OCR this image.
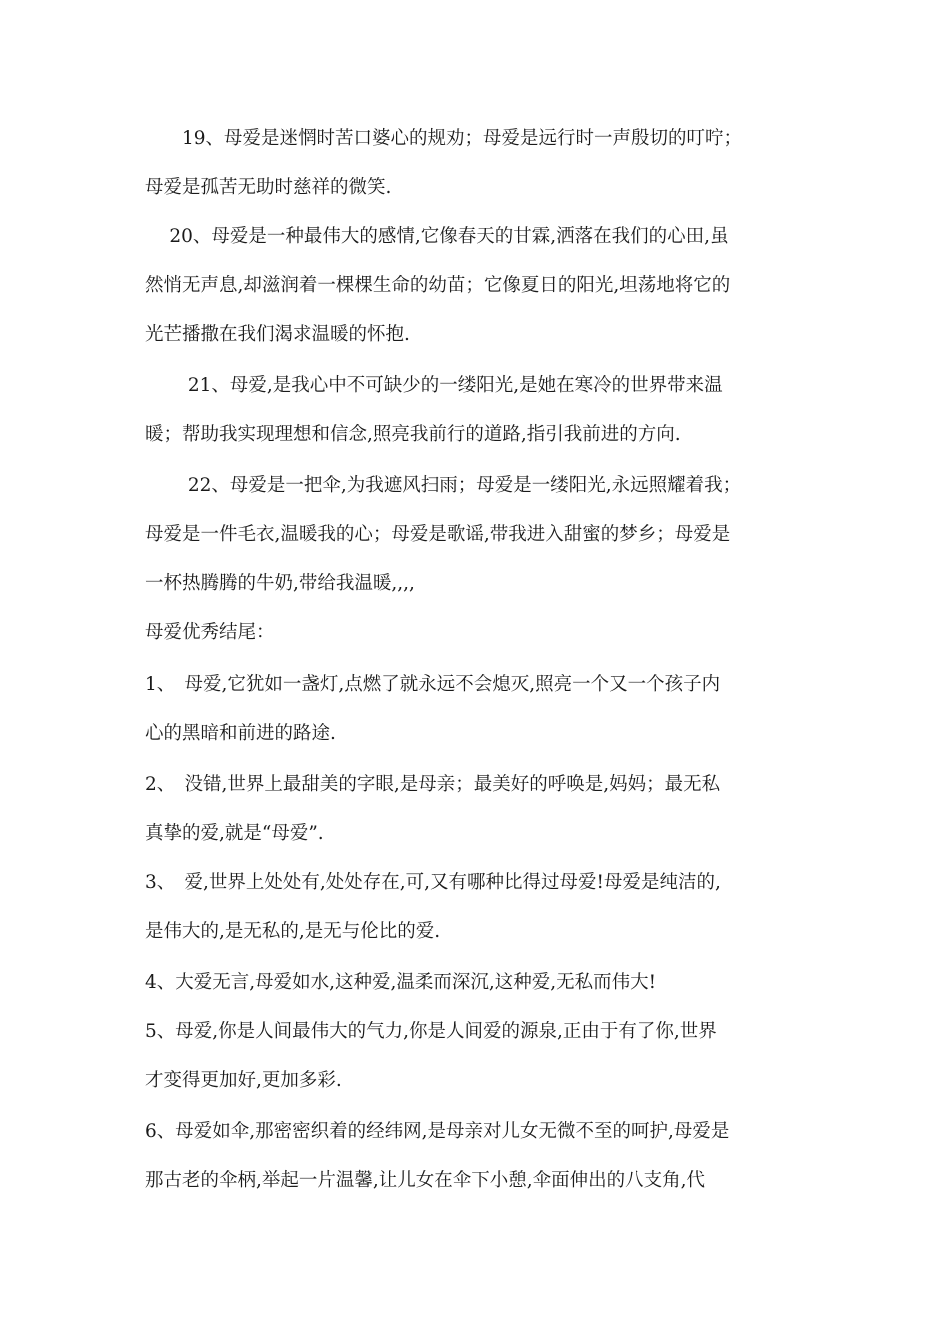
　　19、母爱是迷惘时苦口婆心的规劝；母爱是远行时一声殷切的叮咛；
母爱是孤苦无助时慈祥的微笑.
　 20、母爱是一种最伟大的感情,它像春天的甘霖,洒落在我们的心田,虽
然悄无声息,却滋润着一棵棵生命的幼苗；它像夏日的阳光,坦荡地将它的
光芒播撒在我们渴求温暖的怀抱.
　　 21、母爱,是我心中不可缺少的一缕阳光,是她在寒冷的世界带来温
暖；帮助我实现理想和信念,照亮我前行的道路,指引我前进的方向.
　　 22、母爱是一把伞,为我遮风扫雨；母爱是一缕阳光,永远照耀着我；
母爱是一件毛衣,温暖我的心；母爱是歌谣,带我进入甜蜜的梦乡；母爱是
一杯热腾腾的牛奶,带给我温暖,,,,
母爱优秀结尾：
1、　母爱,它犹如一盏灯,点燃了就永远不会熄灭,照亮一个又一个孩子内
心的黑暗和前进的路途.
2、　没错,世界上最甜美的字眼,是母亲；最美好的呼唤是,妈妈；最无私
真挚的爱,就是“母爱”.
3、　爱,世界上处处有,处处存在,可,又有哪种比得过母爱!母爱是纯洁的,
是伟大的,是无私的,是无与伦比的爱.
4、大爱无言,母爱如水,这种爱,温柔而深沉,这种爱,无私而伟大!
5、母爱,你是人间最伟大的气力,你是人间爱的源泉,正由于有了你,世界
才变得更加好,更加多彩.
6、母爱如伞,那密密织着的经纬网,是母亲对儿女无微不至的呵护,母爱是
那古老的伞柄,举起一片温馨,让儿女在伞下小憩,伞面伸出的八支角,代
